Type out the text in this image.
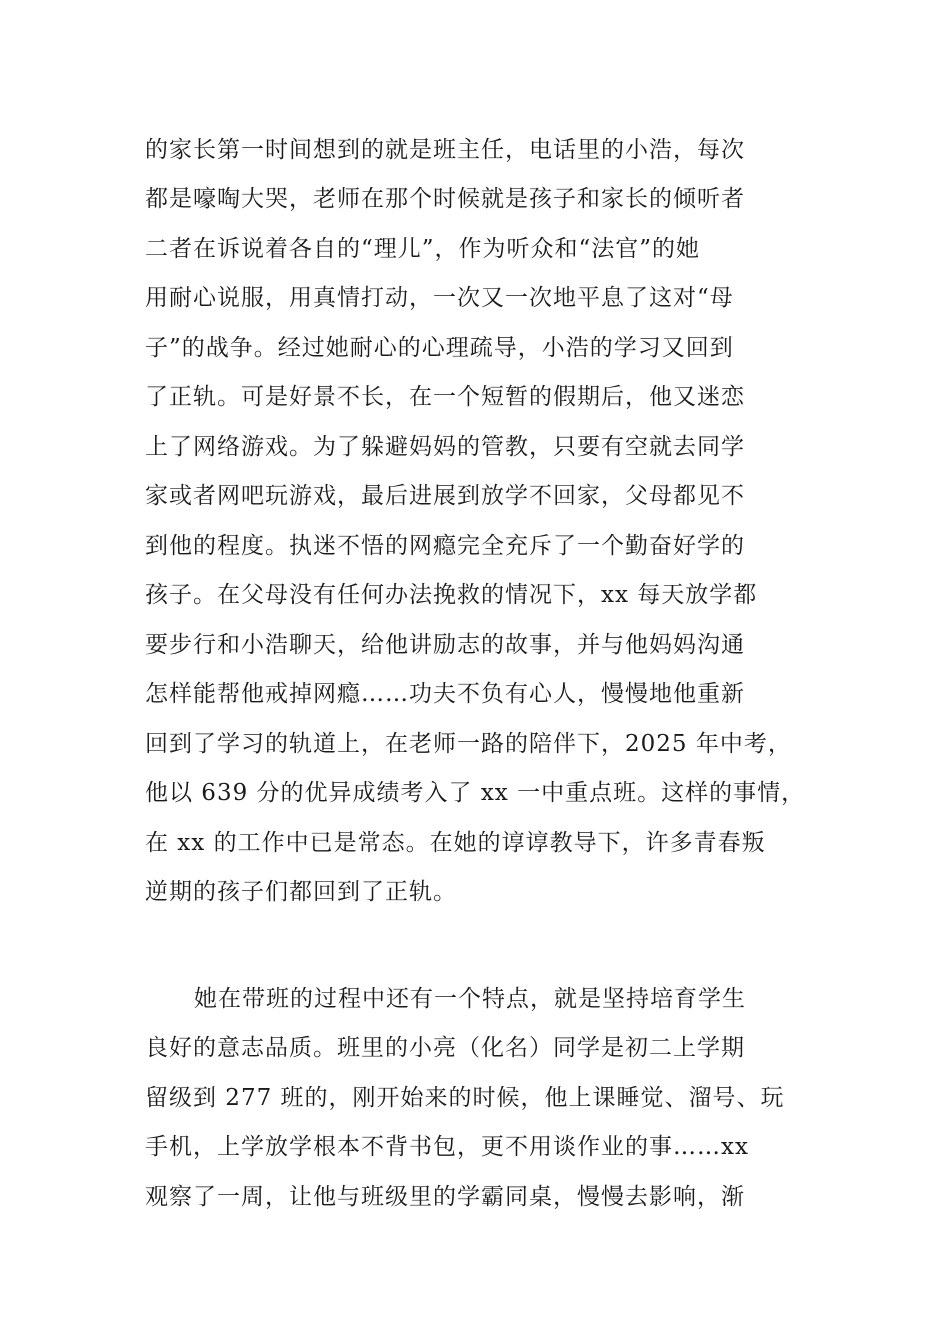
的家长第一时间想到的就是班主任，电话里的小浩，每次
都是嚎啕大哭，老师在那个时候就是孩子和家长的倾听者
二者在诉说着各自的“理儿”，作为听众和“法官”的她
用耐心说服，用真情打动，一次又一次地平息了这对“母
子”的战争。经过她耐心的心理疏导，小浩的学习又回到
了正轨。可是好景不长，在一个短暂的假期后，他又迷恋
上了网络游戏。为了躲避妈妈的管教，只要有空就去同学
家或者网吧玩游戏，最后进展到放学不回家，父母都见不
到他的程度。执迷不悟的网瘾完全充斥了一个勤奋好学的
孩子。在父母没有任何办法挽救的情况下，xx 每天放学都
要步行和小浩聊天，给他讲励志的故事，并与他妈妈沟通
怎样能帮他戒掉网瘾……功夫不负有心人，慢慢地他重新
回到了学习的轨道上，在老师一路的陪伴下，2025 年中考，
他以 639 分的优异成绩考入了 xx 一中重点班。这样的事情，
在 xx 的工作中已是常态。在她的谆谆教导下，许多青春叛
逆期的孩子们都回到了正轨。
她在带班的过程中还有一个特点，就是坚持培育学生
良好的意志品质。班里的小亮（化名）同学是初二上学期
留级到 277 班的，刚开始来的时候，他上课睡觉、溜号、玩
手机，上学放学根本不背书包，更不用谈作业的事……xx
观察了一周，让他与班级里的学霸同桌，慢慢去影响，渐
